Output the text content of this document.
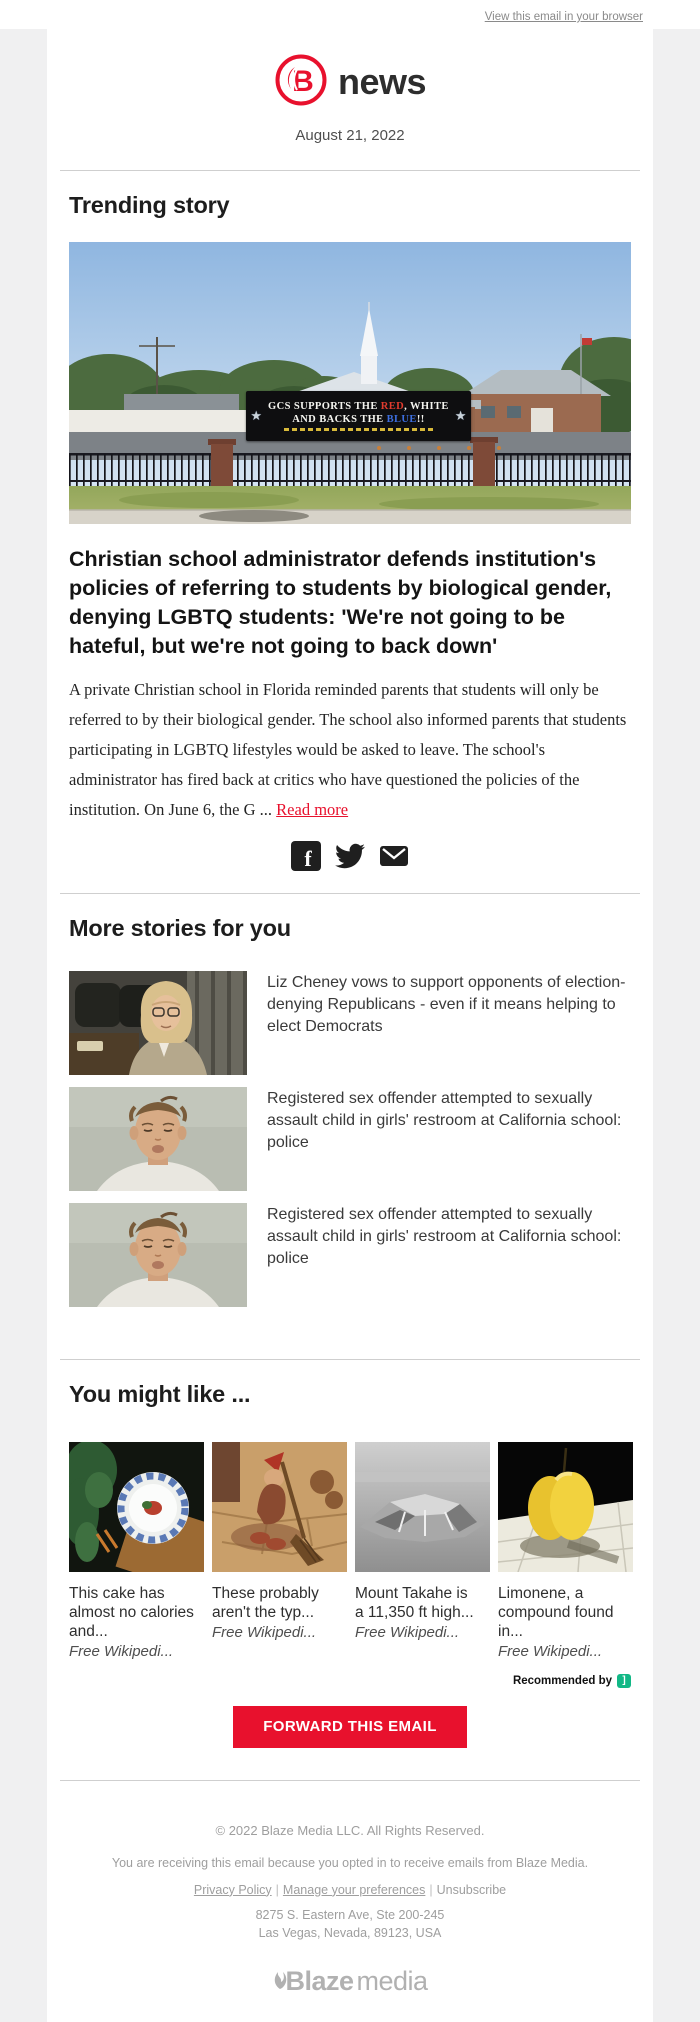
View this email in your browser
B news
August 21, 2022
Trending story
★
GCS SUPPORTS THE RED, WHITE
AND BACKS THE BLUE!! ★
Christian school administrator defends institution's policies of referring to students by biological gender, denying LGBTQ students: 'We're not going to be hateful, but we're not going to back down'

A private Christian school in Florida reminded parents that students will only be referred to by their biological gender. The school also informed parents that students participating in LGBTQ lifestyles would be asked to leave. The school's administrator has fired back at critics who have questioned the policies of the institution. On June 6, the G ... Read more

f
More stories for you
Liz Cheney vows to support opponents of election-denying Republicans - even if it means helping to elect Democrats
Registered sex offender attempted to sexually assault child in girls' restroom at California school: police
Registered sex offender attempted to sexually assault child in girls' restroom at California school: police
You might like ...
This cake has almost no calories and...
Free Wikipedi...
These probably aren't the typ...
Free Wikipedi...
Mount Takahe is a 11,350 ft high...
Free Wikipedi...
Limonene, a compound found in...
Free Wikipedi...
Recommended by	]
FORWARD THIS EMAIL
© 2022 Blaze Media LLC. All Rights Reserved.
You are receiving this email because you opted in to receive emails from Blaze Media.
Privacy Policy | Manage your preferences | Unsubscribe
8275 S. Eastern Ave, Ste 200-245
Las Vegas, Nevada, 89123, USA
Blaze media
